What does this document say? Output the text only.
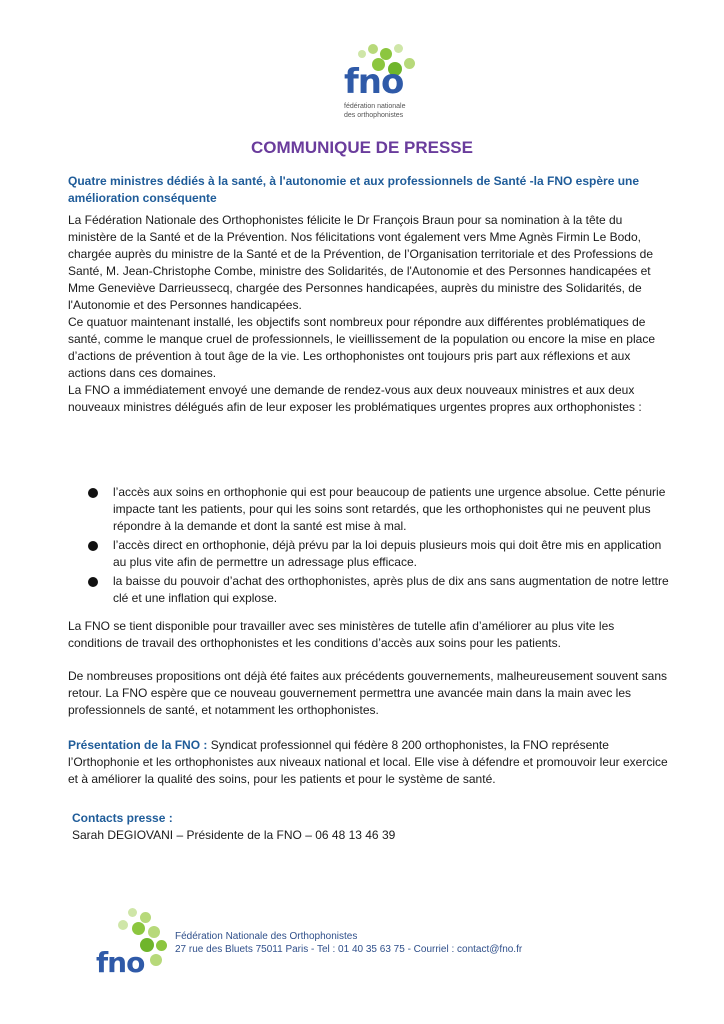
fno
fédération nationale
des orthophonistes
COMMUNIQUE DE PRESSE

Quatre ministres dédiés à la santé, à l'autonomie et aux professionnels de Santé -la FNO espère une amélioration conséquente

La Fédération Nationale des Orthophonistes félicite le Dr François Braun pour sa nomination à la tête du ministère de la Santé et de la Prévention. Nos félicitations vont également vers Mme Agnès Firmin Le Bodo, chargée auprès du ministre de la Santé et de la Prévention, de l’Organisation territoriale et des Professions de Santé, M. Jean-Christophe Combe, ministre des Solidarités, de l'Autonomie et des Personnes handicapées et Mme Geneviève Darrieussecq, chargée des Personnes handicapées, auprès du ministre des Solidarités, de l'Autonomie et des Personnes handicapées.

Ce quatuor maintenant installé, les objectifs sont nombreux pour répondre aux différentes problématiques de santé, comme le manque cruel de professionnels, le vieillissement de la population ou encore la mise en place d’actions de prévention à tout âge de la vie. Les orthophonistes ont toujours pris part aux réflexions et aux actions dans ces domaines.

La FNO a immédiatement envoyé une demande de rendez-vous aux deux nouveaux ministres et aux deux nouveaux ministres délégués afin de leur exposer les problématiques urgentes propres aux orthophonistes :

l’accès aux soins en orthophonie qui est pour beaucoup de patients une urgence absolue. Cette pénurie impacte tant les patients, pour qui les soins sont retardés, que les orthophonistes qui ne peuvent plus répondre à la demande et dont la santé est mise à mal.
l’accès direct en orthophonie, déjà prévu par la loi depuis plusieurs mois qui doit être mis en application au plus vite afin de permettre un adressage plus efficace.
la baisse du pouvoir d’achat des orthophonistes, après plus de dix ans sans augmentation de notre lettre clé et une inflation qui explose.

La FNO se tient disponible pour travailler avec ses ministères de tutelle afin d’améliorer au plus vite les conditions de travail des orthophonistes et les conditions d’accès aux soins pour les patients.

De nombreuses propositions ont déjà été faites aux précédents gouvernements, malheureusement souvent sans retour. La FNO espère que ce nouveau gouvernement permettra une avancée main dans la main avec les professionnels de santé, et notamment les orthophonistes.

Présentation de la FNO : Syndicat professionnel qui fédère 8 200 orthophonistes, la FNO représente l’Orthophonie et les orthophonistes aux niveaux national et local. Elle vise à défendre et promouvoir leur exercice et à améliorer la qualité des soins, pour les patients et pour le système de santé.

Contacts presse :

Sarah DEGIOVANI – Présidente de la FNO – 06 48 13 46 39

fno
Fédération Nationale des Orthophonistes
27 rue des Bluets 75011 Paris - Tel : 01 40 35 63 75 - Courriel : contact@fno.fr
